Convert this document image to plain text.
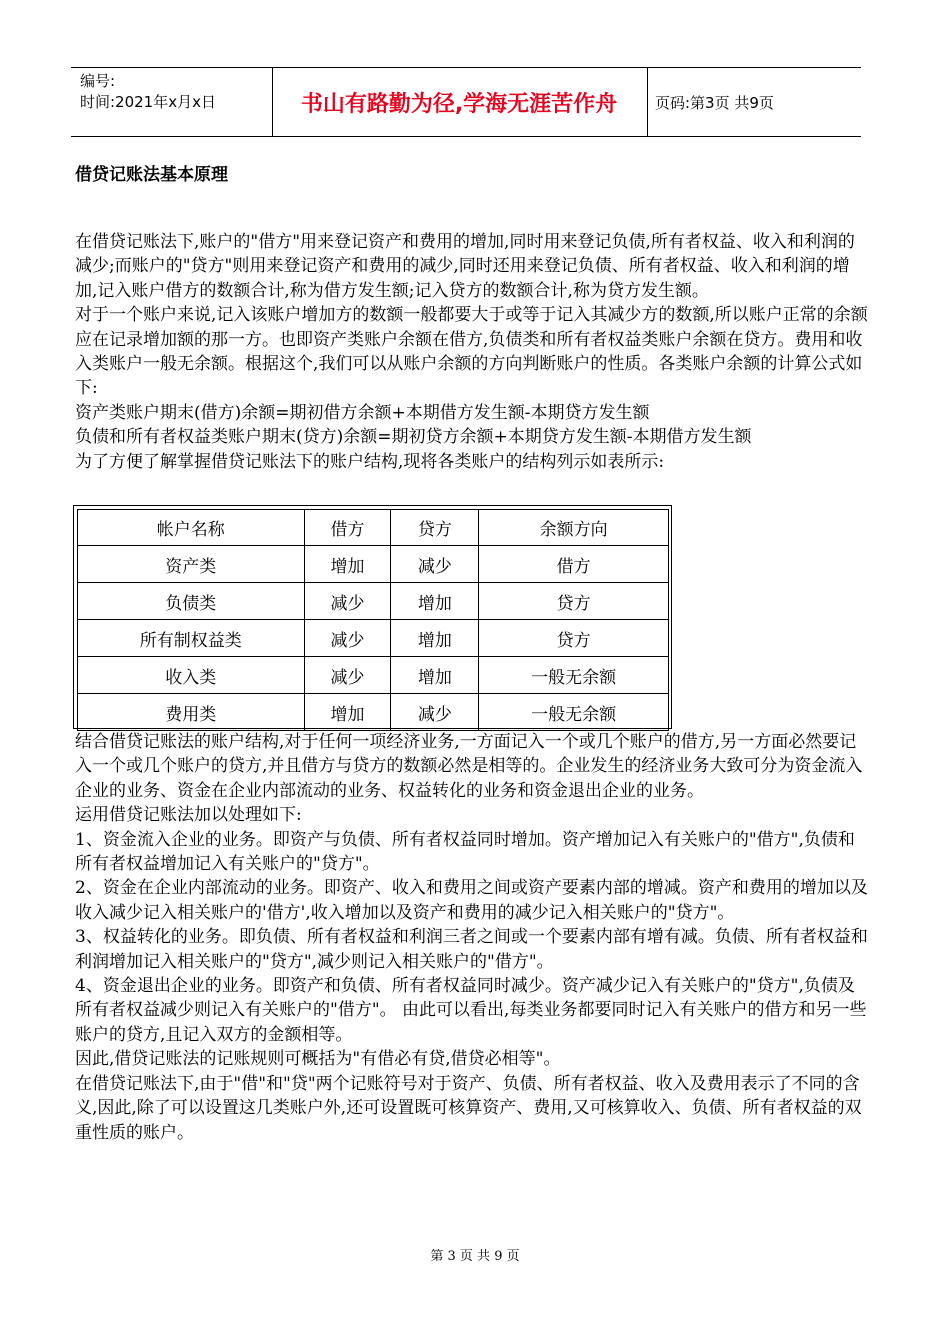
编号:
时间:2021年x月x日	书山有路勤为径,学海无涯苦作舟	页码:第3页 共9页
借贷记账法基本原理

在借贷记账法下,账户的"借方"用来登记资产和费用的增加,同时用来登记负债,所有者权益、收入和利润的减少;而账户的"贷方"则用来登记资产和费用的减少,同时还用来登记负债、所有者权益、收入和利润的增加,记入账户借方的数额合计,称为借方发生额;记入贷方的数额合计,称为贷方发生额。

对于一个账户来说,记入该账户增加方的数额一般都要大于或等于记入其减少方的数额,所以账户正常的余额应在记录增加额的那一方。也即资产类账户余额在借方,负债类和所有者权益类账户余额在贷方。费用和收入类账户一般无余额。根据这个,我们可以从账户余额的方向判断账户的性质。各类账户余额的计算公式如下:

资产类账户期末(借方)余额=期初借方余额+本期借方发生额-本期贷方发生额

负债和所有者权益类账户期末(贷方)余额=期初贷方余额+本期贷方发生额-本期借方发生额

为了方便了解掌握借贷记账法下的账户结构,现将各类账户的结构列示如表所示:

帐户名称	借方	贷方	余额方向
资产类	增加	减少	借方
负债类	减少	增加	贷方
所有制权益类	减少	增加	贷方
收入类	减少	增加	一般无余额
费用类	增加	减少	一般无余额

结合借贷记账法的账户结构,对于任何一项经济业务,一方面记入一个或几个账户的借方,另一方面必然要记入一个或几个账户的贷方,并且借方与贷方的数额必然是相等的。企业发生的经济业务大致可分为资金流入企业的业务、资金在企业内部流动的业务、权益转化的业务和资金退出企业的业务。

运用借贷记账法加以处理如下:

1、资金流入企业的业务。即资产与负债、所有者权益同时增加。资产增加记入有关账户的"借方",负债和所有者权益增加记入有关账户的"贷方"。

2、资金在企业内部流动的业务。即资产、收入和费用之间或资产要素内部的增减。资产和费用的增加以及收入减少记入相关账户的'借方',收入增加以及资产和费用的减少记入相关账户的"贷方"。

3、权益转化的业务。即负债、所有者权益和利润三者之间或一个要素内部有增有减。负债、所有者权益和利润增加记入相关账户的"贷方",减少则记入相关账户的"借方"。

4、资金退出企业的业务。即资产和负债、所有者权益同时减少。资产减少记入有关账户的"贷方",负债及所有者权益减少则记入有关账户的"借方"。 由此可以看出,每类业务都要同时记入有关账户的借方和另一些账户的贷方,且记入双方的金额相等。

因此,借贷记账法的记账规则可概括为"有借必有贷,借贷必相等"。

在借贷记账法下,由于"借"和"贷"两个记账符号对于资产、负债、所有者权益、收入及费用表示了不同的含义,因此,除了可以设置这几类账户外,还可设置既可核算资产、费用,又可核算收入、负债、所有者权益的双重性质的账户。

第 3 页 共 9 页
